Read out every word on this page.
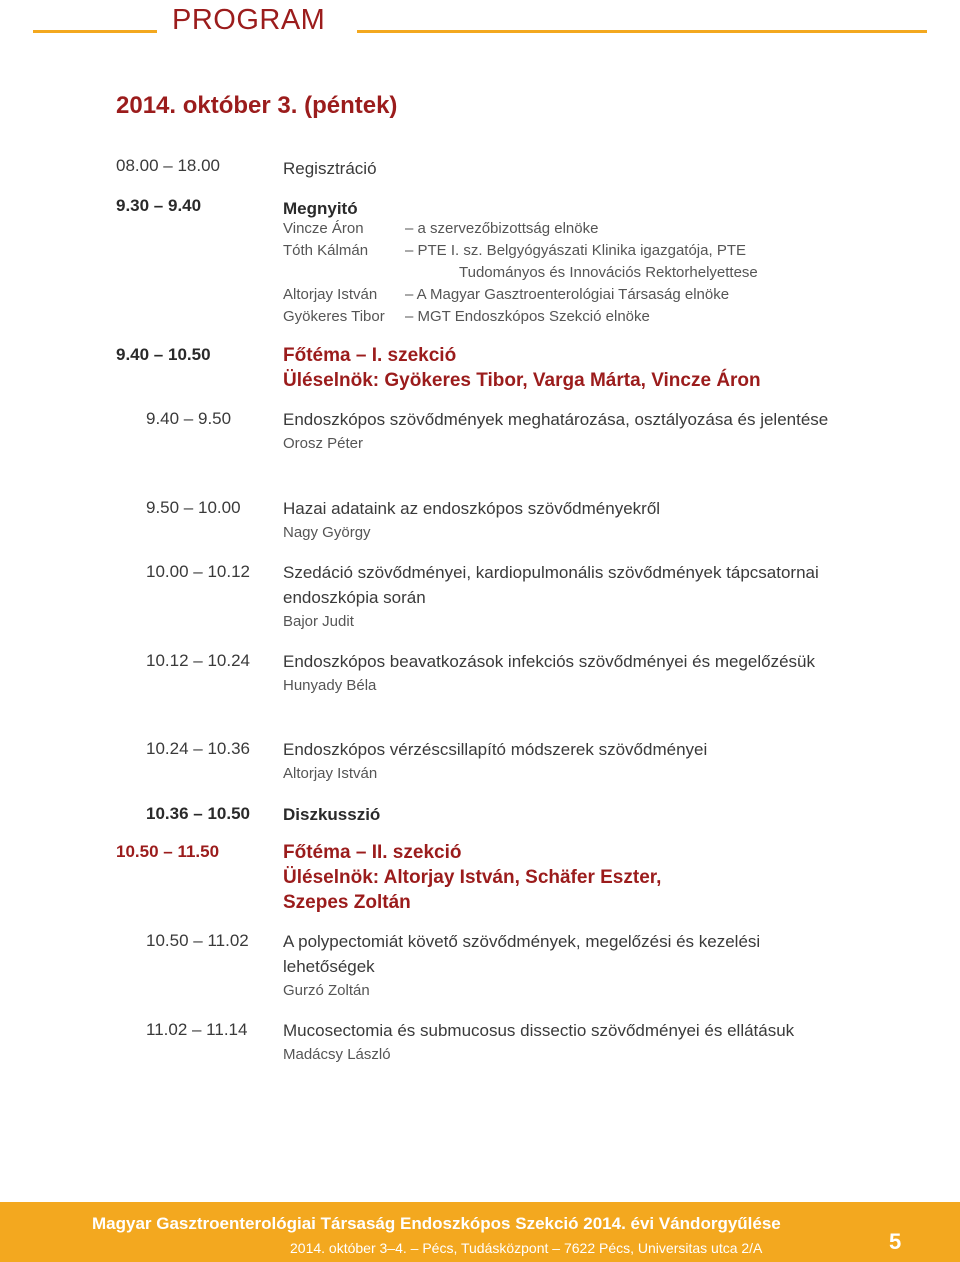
PROGRAM
2014. október 3. (péntek)
08.00 – 18.00	Regisztráció
9.30 – 9.40	Megnyitó
Vincze Áron	– a szervezőbizottság elnöke
Tóth Kálmán – PTE I. sz. Belgyógyászati Klinika igazgatója, PTE
Tudományos és Innovációs Rektorhelyettese
Altorjay István – A Magyar Gasztroenterológiai Társaság elnöke
Gyökeres Tibor – MGT Endoszkópos Szekció elnöke
9.40 – 10.50	Főtéma – I. szekció
Üléselnök: Gyökeres Tibor, Varga Márta, Vincze Áron
9.40 – 9.50	Endoszkópos szövődmények meghatározása, osztályozása és jelentése
Orosz Péter
9.50 – 10.00 Hazai adataink az endoszkópos szövődményekről
Nagy György
10.00 – 10.12 Szedáció szövődményei, kardiopulmonális szövődmények tápcsatornai endoszkópia során
Bajor Judit
10.12 – 10.24 Endoszkópos beavatkozások infekciós szövődményei és megelőzésük
Hunyady Béla
10.24 – 10.36 Endoszkópos vérzéscsillapító módszerek szövődményei
Altorjay István
10.36 – 10.50 Diszkusszió
10.50 – 11.50	Főtéma – II. szekció
Üléselnök: Altorjay István, Schäfer Eszter, Szepes Zoltán
10.50 – 11.02 A polypectomiát követő szövődmények, megelőzési és kezelési lehetőségek
Gurzó Zoltán
11.02 – 11.14 Mucosectomia és submucosus dissectio szövődményei és ellátásuk
Madácsy László
Magyar Gasztroenterológiai Társaság Endoszkópos Szekció 2014. évi Vándorgyűlése
2014. október 3–4. – Pécs, Tudásközpont – 7622 Pécs, Universitas utca 2/A	5
